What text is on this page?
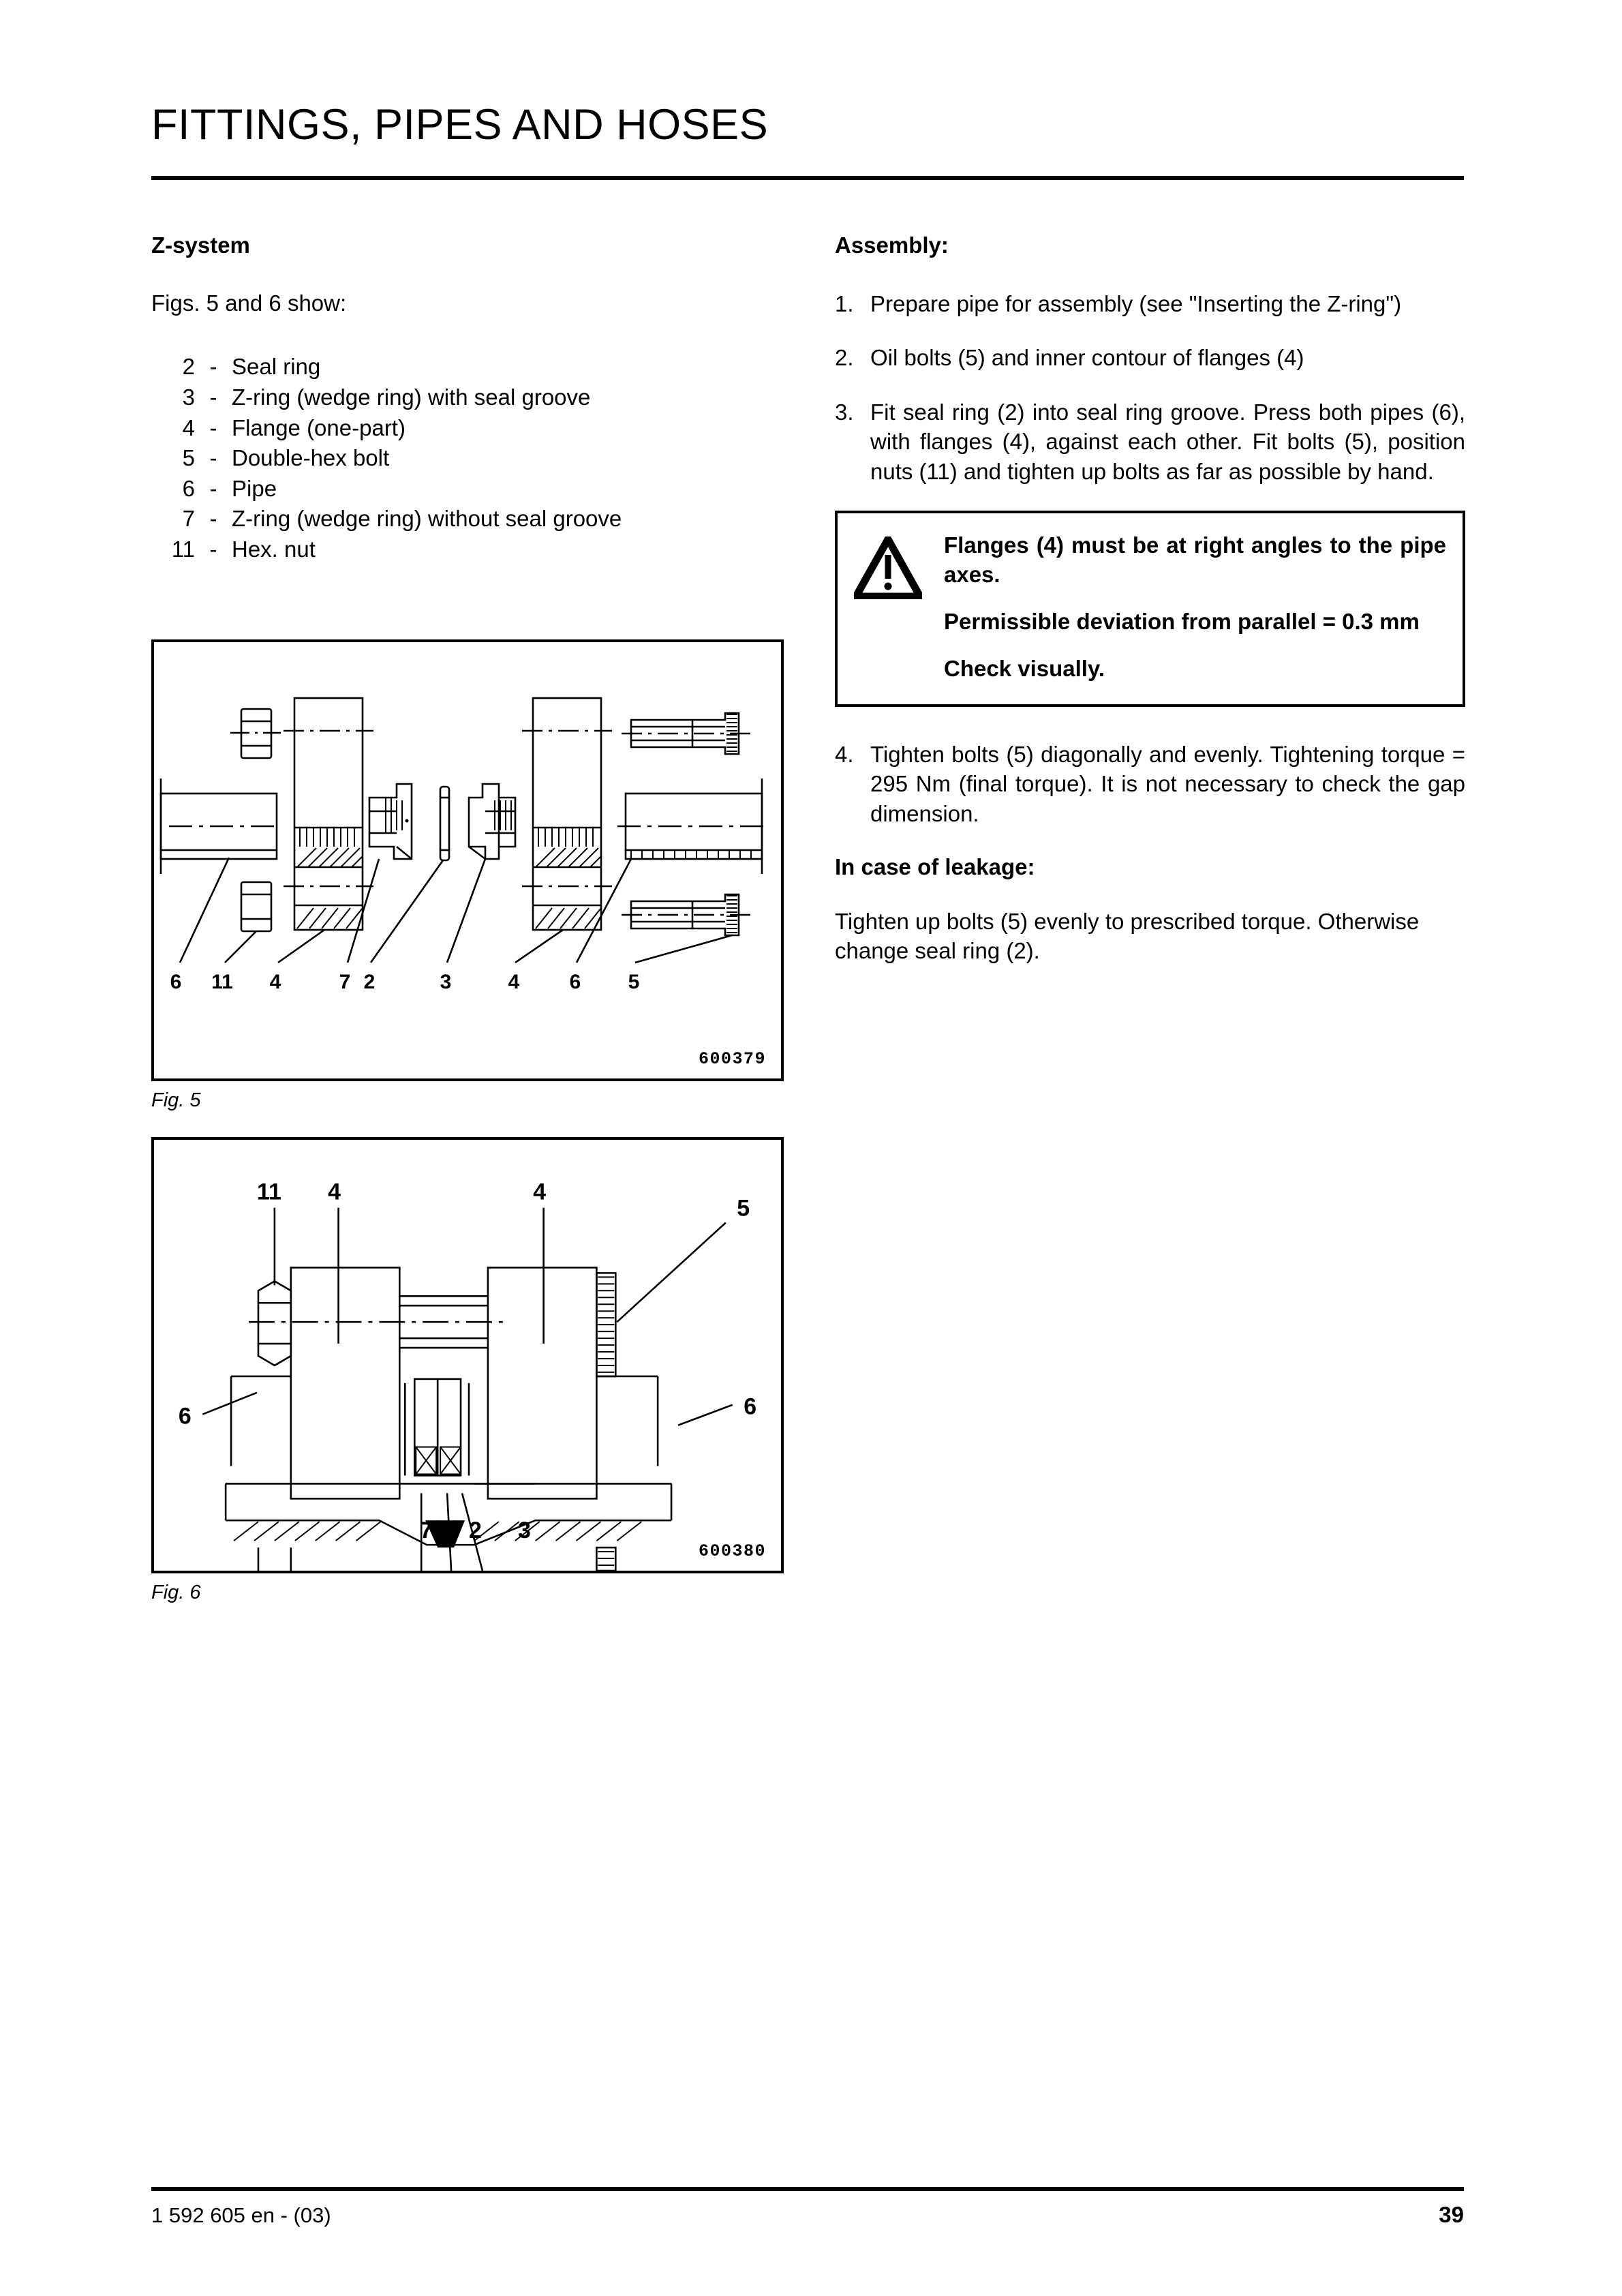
FITTINGS, PIPES AND HOSES
Z-system
Figs. 5 and 6 show:
2 - Seal ring
3 - Z-ring (wedge ring) with seal groove
4 - Flange (one-part)
5 - Double-hex bolt
6 - Pipe
7 - Z-ring (wedge ring) without seal groove
11 - Hex. nut
Assembly:
1. Prepare pipe for assembly (see "Inserting the Z-ring")
2. Oil bolts (5) and inner contour of flanges (4)
3. Fit seal ring (2) into seal ring groove. Press both pipes (6), with flanges (4), against each other. Fit bolts (5), position nuts (11) and tighten up bolts as far as possible by hand.
Flanges (4) must be at right angles to the pipe axes.
Permissible deviation from parallel = 0.3 mm
Check visually.
4. Tighten bolts (5) diagonally and evenly. Tightening torque = 295 Nm (final torque). It is not necessary to check the gap dimension.
In case of leakage:
Tighten up bolts (5) evenly to prescribed torque. Otherwise change seal ring (2).
6 11 4	7 2	3	4 6 5
600379
Fig. 5
11 4	4
5
6	6
600380
7 2 3
Fig. 6
1 592 605 en - (03)	39
